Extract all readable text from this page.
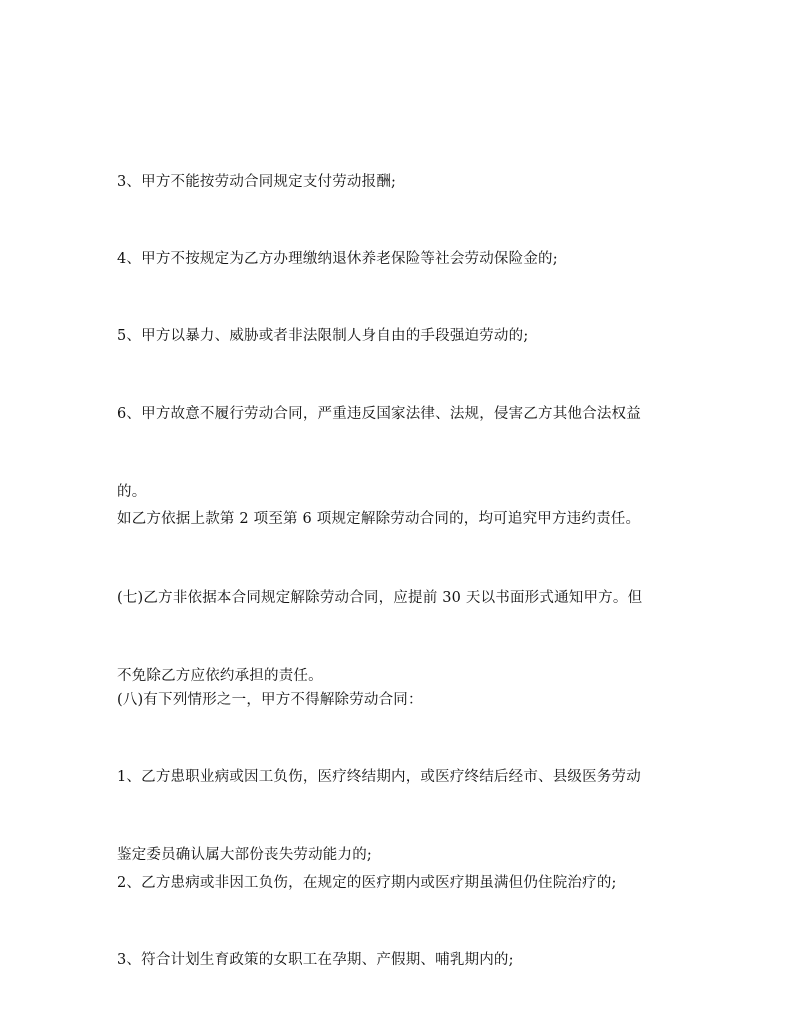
3、甲方不能按劳动合同规定支付劳动报酬;

4、甲方不按规定为乙方办理缴纳退休养老保险等社会劳动保险金的;

5、甲方以暴力、威胁或者非法限制人身自由的手段强迫劳动的;

6、甲方故意不履行劳动合同，严重违反国家法律、法规，侵害乙方其他合法权益

的。

如乙方依据上款第 2 项至第 6 项规定解除劳动合同的，均可追究甲方违约责任。

(七)乙方非依据本合同规定解除劳动合同，应提前 30 天以书面形式通知甲方。但

不免除乙方应依约承担的责任。

(八)有下列情形之一，甲方不得解除劳动合同：

1、乙方患职业病或因工负伤，医疗终结期内，或医疗终结后经市、县级医务劳动

鉴定委员确认属大部份丧失劳动能力的;

2、乙方患病或非因工负伤，在规定的医疗期内或医疗期虽满但仍住院治疗的;

3、符合计划生育政策的女职工在孕期、产假期、哺乳期内的;
